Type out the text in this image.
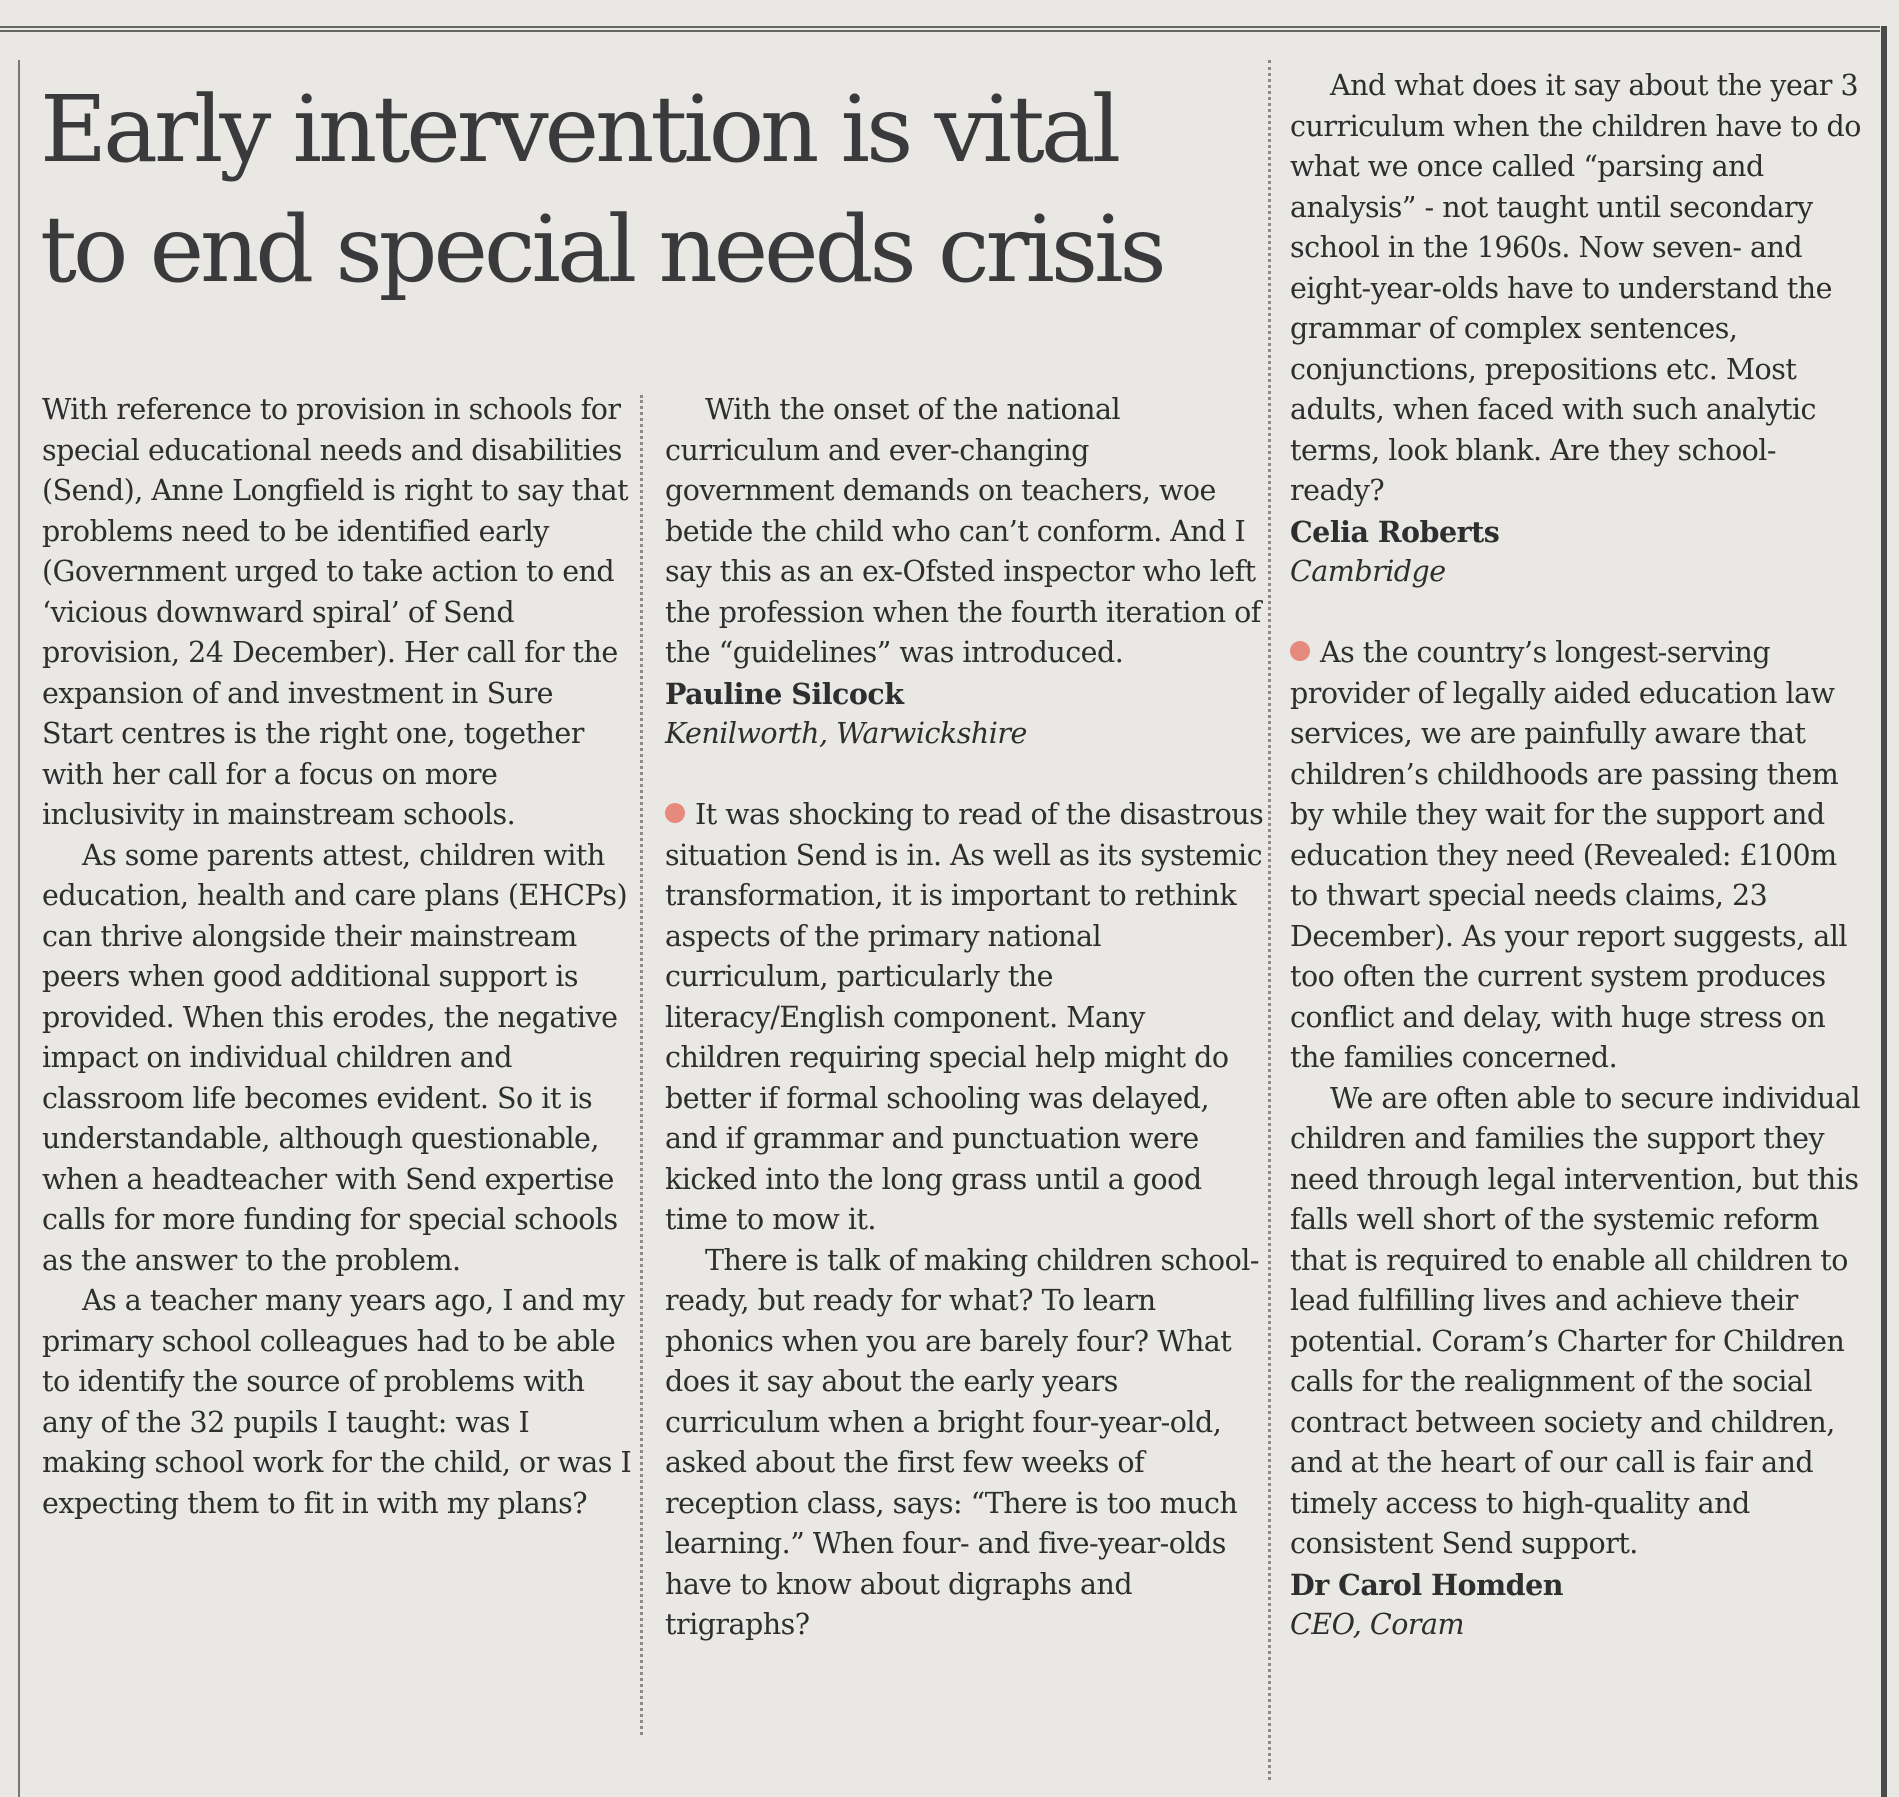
Early intervention is vital
to end special needs crisis

With reference to provision in schools for special educational needs and disabilities (Send), Anne Longfield is right to say that problems need to be identified early (Government urged to take action to end ‘vicious downward spiral’ of Send provision, 24 December). Her call for the expansion of and investment in Sure Start centres is the right one, together with her call for a focus on more inclusivity in mainstream schools.

As some parents attest, children with education, health and care plans (EHCPs) can thrive alongside their mainstream peers when good additional support is provided. When this erodes, the negative impact on individual children and classroom life becomes evident. So it is understandable, although questionable, when a headteacher with Send expertise calls for more funding for special schools as the answer to the problem.

As a teacher many years ago, I and my primary school colleagues had to be able to identify the source of problems with any of the 32 pupils I taught: was I making school work for the child, or was I expecting them to fit in with my plans?

With the onset of the national curriculum and ever-changing government demands on teachers, woe betide the child who can’t conform. And I say this as an ex-Ofsted inspector who left the profession when the fourth iteration of the “guidelines” was introduced.

Pauline Silcock

Kenilworth, Warwickshire

It was shocking to read of the disastrous situation Send is in. As well as its systemic transformation, it is important to rethink aspects of the primary national curriculum, particularly the literacy/English component. Many children requiring special help might do better if formal schooling was delayed, and if grammar and punctuation were kicked into the long grass until a good time to mow it.

There is talk of making children school-ready, but ready for what? To learn phonics when you are barely four? What does it say about the early years curriculum when a bright four-year-old, asked about the first few weeks of reception class, says: “There is too much learning.” When four- and five-year-olds have to know about digraphs and trigraphs?

And what does it say about the year 3 curriculum when the children have to do what we once called “parsing and analysis” - not taught until secondary school in the 1960s. Now seven- and eight-year-olds have to understand the grammar of complex sentences, conjunctions, prepositions etc. Most adults, when faced with such analytic terms, look blank. Are they school-ready?

Celia Roberts

Cambridge

As the country’s longest-serving provider of legally aided education law services, we are painfully aware that children’s childhoods are passing them by while they wait for the support and education they need (Revealed: £100m to thwart special needs claims, 23 December). As your report suggests, all too often the current system produces conflict and delay, with huge stress on the families concerned.

We are often able to secure individual children and families the support they need through legal intervention, but this falls well short of the systemic reform that is required to enable all children to lead fulfilling lives and achieve their potential. Coram’s Charter for Children calls for the realignment of the social contract between society and children, and at the heart of our call is fair and timely access to high-quality and consistent Send support.

Dr Carol Homden

CEO, Coram
